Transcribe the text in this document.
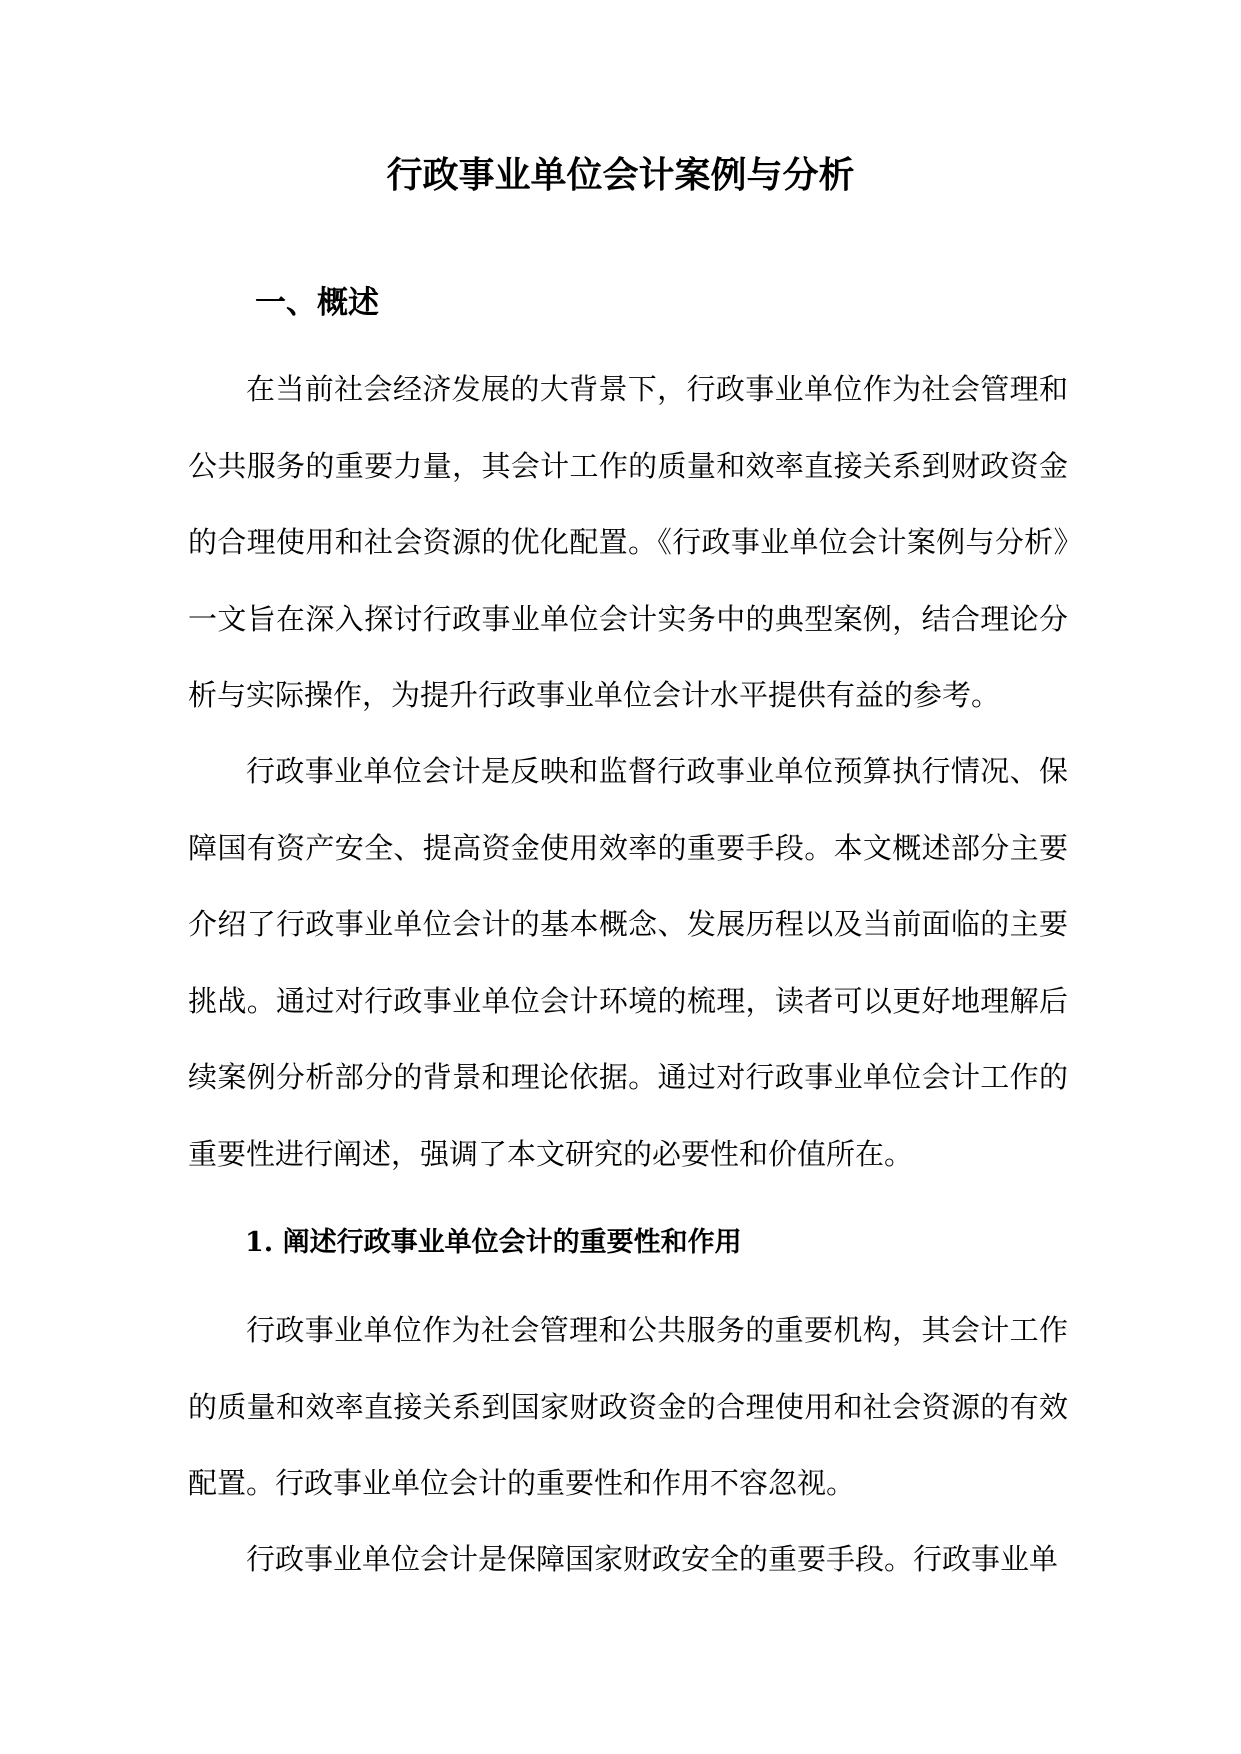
行政事业单位会计案例与分析
一、概述

在当前社会经济发展的大背景下，行政事业单位作为社会管理和公共服务的重要力量，其会计工作的质量和效率直接关系到财政资金的合理使用和社会资源的优化配置。《行政事业单位会计案例与分析》一文旨在深入探讨行政事业单位会计实务中的典型案例，结合理论分析与实际操作，为提升行政事业单位会计水平提供有益的参考。

行政事业单位会计是反映和监督行政事业单位预算执行情况、保障国有资产安全、提高资金使用效率的重要手段。本文概述部分主要介绍了行政事业单位会计的基本概念、发展历程以及当前面临的主要挑战。通过对行政事业单位会计环境的梳理，读者可以更好地理解后续案例分析部分的背景和理论依据。通过对行政事业单位会计工作的重要性进行阐述，强调了本文研究的必要性和价值所在。

1. 阐述行政事业单位会计的重要性和作用

行政事业单位作为社会管理和公共服务的重要机构，其会计工作的质量和效率直接关系到国家财政资金的合理使用和社会资源的有效配置。行政事业单位会计的重要性和作用不容忽视。

行政事业单位会计是保障国家财政安全的重要手段。行政事业单
